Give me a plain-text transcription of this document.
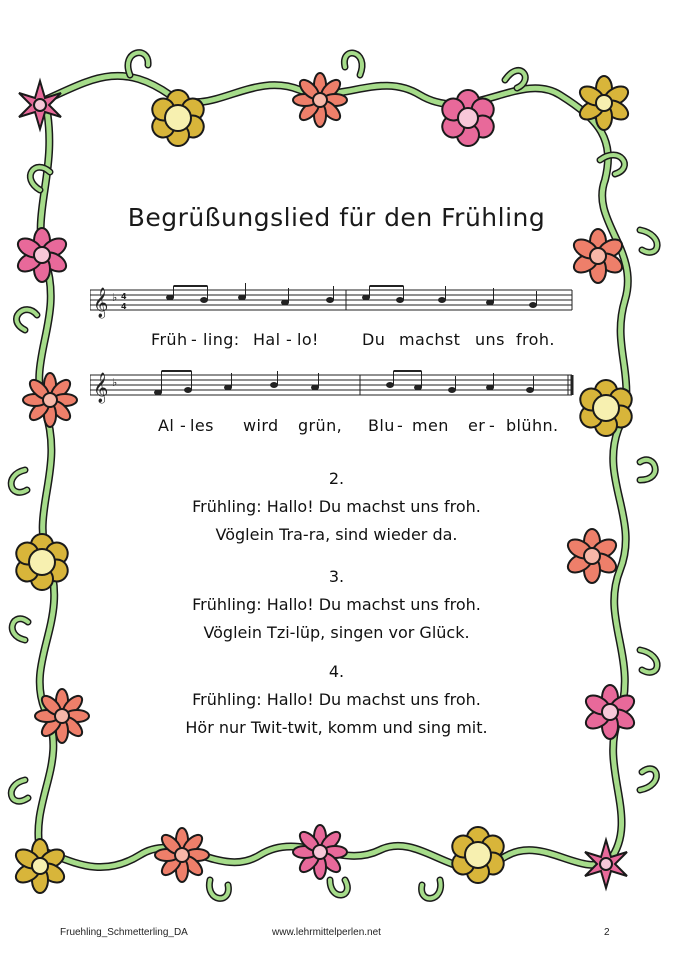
Begrüßungslied für den Frühling
𝄞 ♭ 4
4
Früh - ling: Hal - lo!	Du machst uns froh.
𝄞 ♭
Al - les wird grün, Blu - men er - blühn.
2.
Frühling: Hallo! Du machst uns froh.
Vöglein Tra-ra, sind wieder da.
3.
Frühling: Hallo! Du machst uns froh.
Vöglein Tzi-lüp, singen vor Glück.
4.
Frühling: Hallo! Du machst uns froh.
Hör nur Twit-twit, komm und sing mit.
Fruehling_Schmetterling_DA	www.lehrmittelperlen.net	2
